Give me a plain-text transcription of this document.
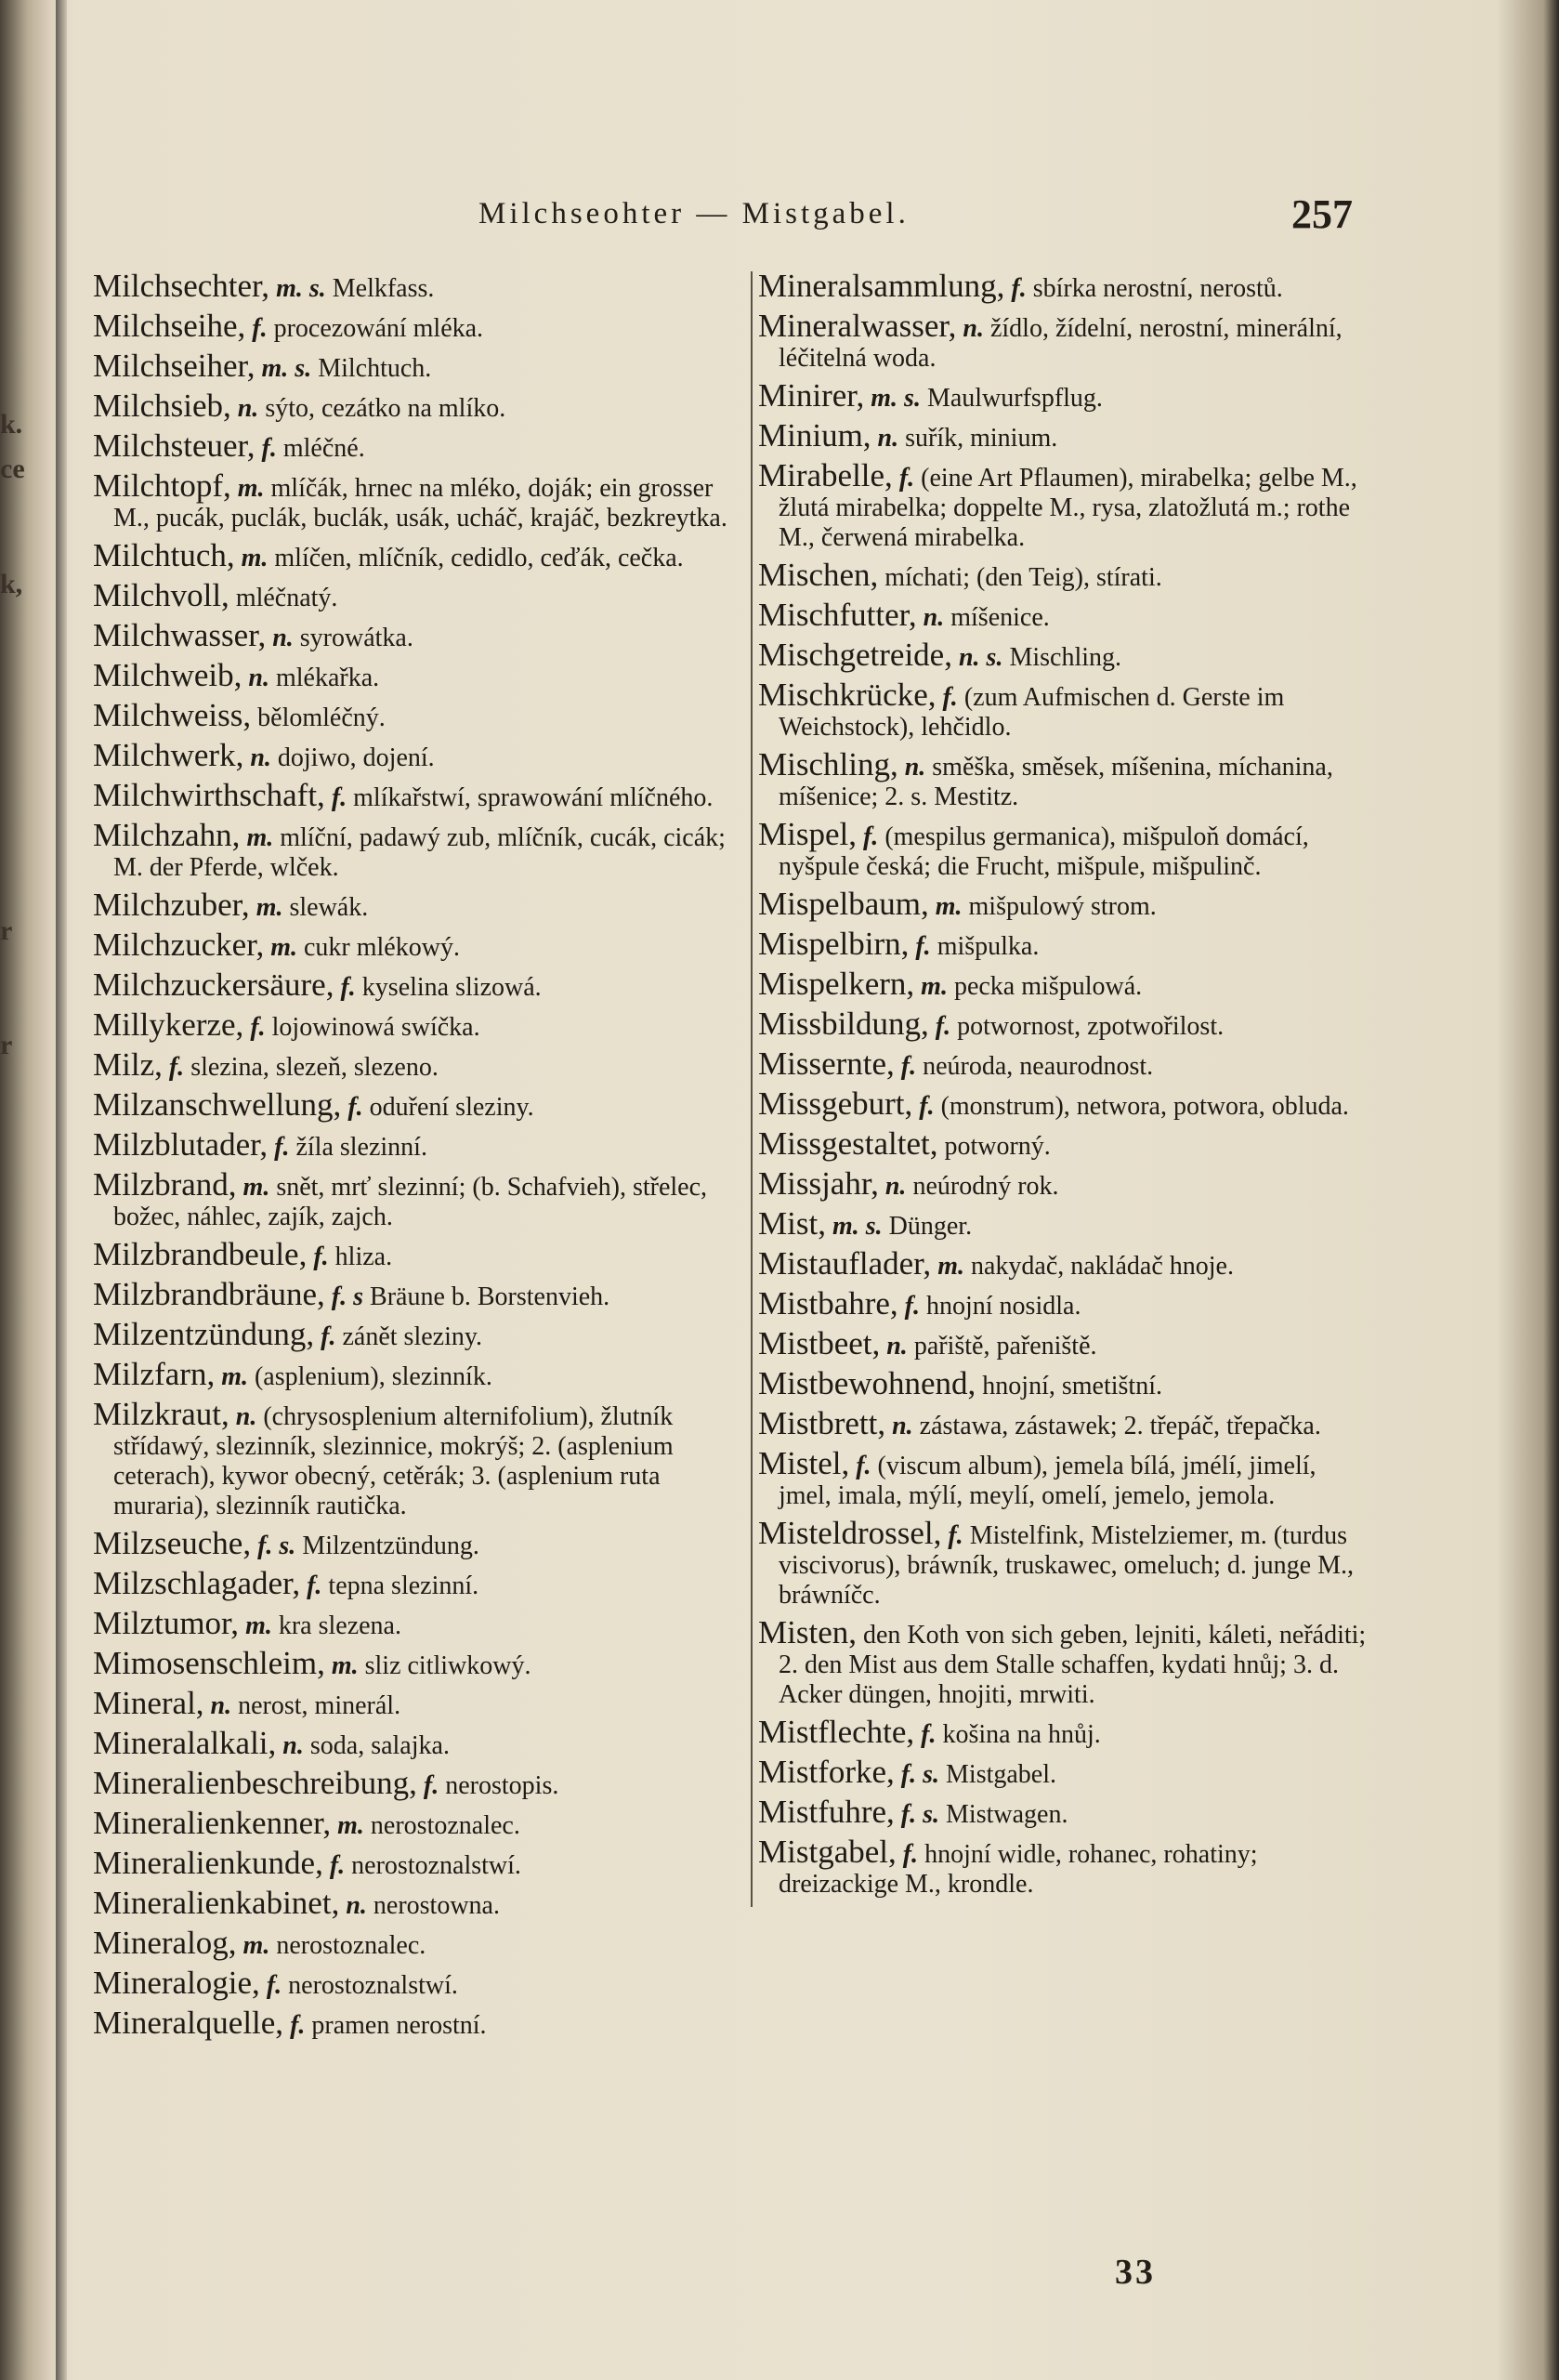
k.
ce
k,
r
r
Milchseohter — Mistgabel.	257

Milchsechter, m. s. Melkfass.

Milchseihe, f. procezowání mléka.

Milchseiher, m. s. Milchtuch.

Milchsieb, n. sýto, cezátko na mlíko.

Milchsteuer, f. mléčné.

Milchtopf, m. mlíčák, hrnec na mléko, doják; ein grosser M., pucák, puclák, buclák, usák, ucháč, krajáč, bezkreytka.

Milchtuch, m. mlíčen, mlíčník, cedidlo, ceďák, cečka.

Milchvoll, mléčnatý.

Milchwasser, n. syrowátka.

Milchweib, n. mlékařka.

Milchweiss, bělomléčný.

Milchwerk, n. dojiwo, dojení.

Milchwirthschaft, f. mlíkařstwí, sprawowání mlíčného.

Milchzahn, m. mlíční, padawý zub, mlíčník, cucák, cicák; M. der Pferde, wlček.

Milchzuber, m. slewák.

Milchzucker, m. cukr mlékowý.

Milchzuckersäure, f. kyselina slizowá.

Millykerze, f. lojowinowá swíčka.

Milz, f. slezina, slezeň, slezeno.

Milzanschwellung, f. oduření sleziny.

Milzblutader, f. žíla slezinní.

Milzbrand, m. snět, mrť slezinní; (b. Schafvieh), střelec, božec, náhlec, zajík, zajch.

Milzbrandbeule, f. hliza.

Milzbrandbräune, f. s Bräune b. Borstenvieh.

Milzentzündung, f. zánět sleziny.

Milzfarn, m. (asplenium), slezinník.

Milzkraut, n. (chrysosplenium alternifolium), žlutník střídawý, slezinník, slezinnice, mokrýš; 2. (asplenium ceterach), kywor obecný, cetěrák; 3. (asplenium ruta muraria), slezinník rautička.

Milzseuche, f. s. Milzentzündung.

Milzschlagader, f. tepna slezinní.

Milztumor, m. kra slezena.

Mimosenschleim, m. sliz citliwkowý.

Mineral, n. nerost, minerál.

Mineralalkali, n. soda, salajka.

Mineralienbeschreibung, f. nerostopis.

Mineralienkenner, m. nerostoznalec.

Mineralienkunde, f. nerostoznalstwí.

Mineralienkabinet, n. nerostowna.

Mineralog, m. nerostoznalec.

Mineralogie, f. nerostoznalstwí.

Mineralquelle, f. pramen nerostní.

Mineralsammlung, f. sbírka nerostní, nerostů.

Mineralwasser, n. žídlo, žídelní, nerostní, minerální, léčitelná woda.

Minirer, m. s. Maulwurfspflug.

Minium, n. suřík, minium.

Mirabelle, f. (eine Art Pflaumen), mirabelka; gelbe M., žlutá mirabelka; doppelte M., rysa, zlatožlutá m.; rothe M., čerwená mirabelka.

Mischen, míchati; (den Teig), stírati.

Mischfutter, n. míšenice.

Mischgetreide, n. s. Mischling.

Mischkrücke, f. (zum Aufmischen d. Gerste im Weichstock), lehčidlo.

Mischling, n. směška, směsek, míšenina, míchanina, míšenice; 2. s. Mestitz.

Mispel, f. (mespilus germanica), mišpuloň domácí, nyšpule česká; die Frucht, mišpule, mišpulinč.

Mispelbaum, m. mišpulowý strom.

Mispelbirn, f. mišpulka.

Mispelkern, m. pecka mišpulowá.

Missbildung, f. potwornost, zpotwořilost.

Missernte, f. neúroda, neaurodnost.

Missgeburt, f. (monstrum), networa, potwora, obluda.

Missgestaltet, potworný.

Missjahr, n. neúrodný rok.

Mist, m. s. Dünger.

Mistauflader, m. nakydač, nakládač hnoje.

Mistbahre, f. hnojní nosidla.

Mistbeet, n. pařiště, pařeniště.

Mistbewohnend, hnojní, smetištní.

Mistbrett, n. zástawa, zástawek; 2. třepáč, třepačka.

Mistel, f. (viscum album), jemela bílá, jmélí, jimelí, jmel, imala, mýlí, meylí, omelí, jemelo, jemola.

Misteldrossel, f. Mistelfink, Mistelziemer, m. (turdus viscivorus), bráwník, truskawec, omeluch; d. junge M., bráwníčc.

Misten, den Koth von sich geben, lejniti, káleti, neřáditi; 2. den Mist aus dem Stalle schaffen, kydati hnůj; 3. d. Acker düngen, hnojiti, mrwiti.

Mistflechte, f. košina na hnůj.

Mistforke, f. s. Mistgabel.

Mistfuhre, f. s. Mistwagen.

Mistgabel, f. hnojní widle, rohanec, rohatiny; dreizackige M., krondle.

33
